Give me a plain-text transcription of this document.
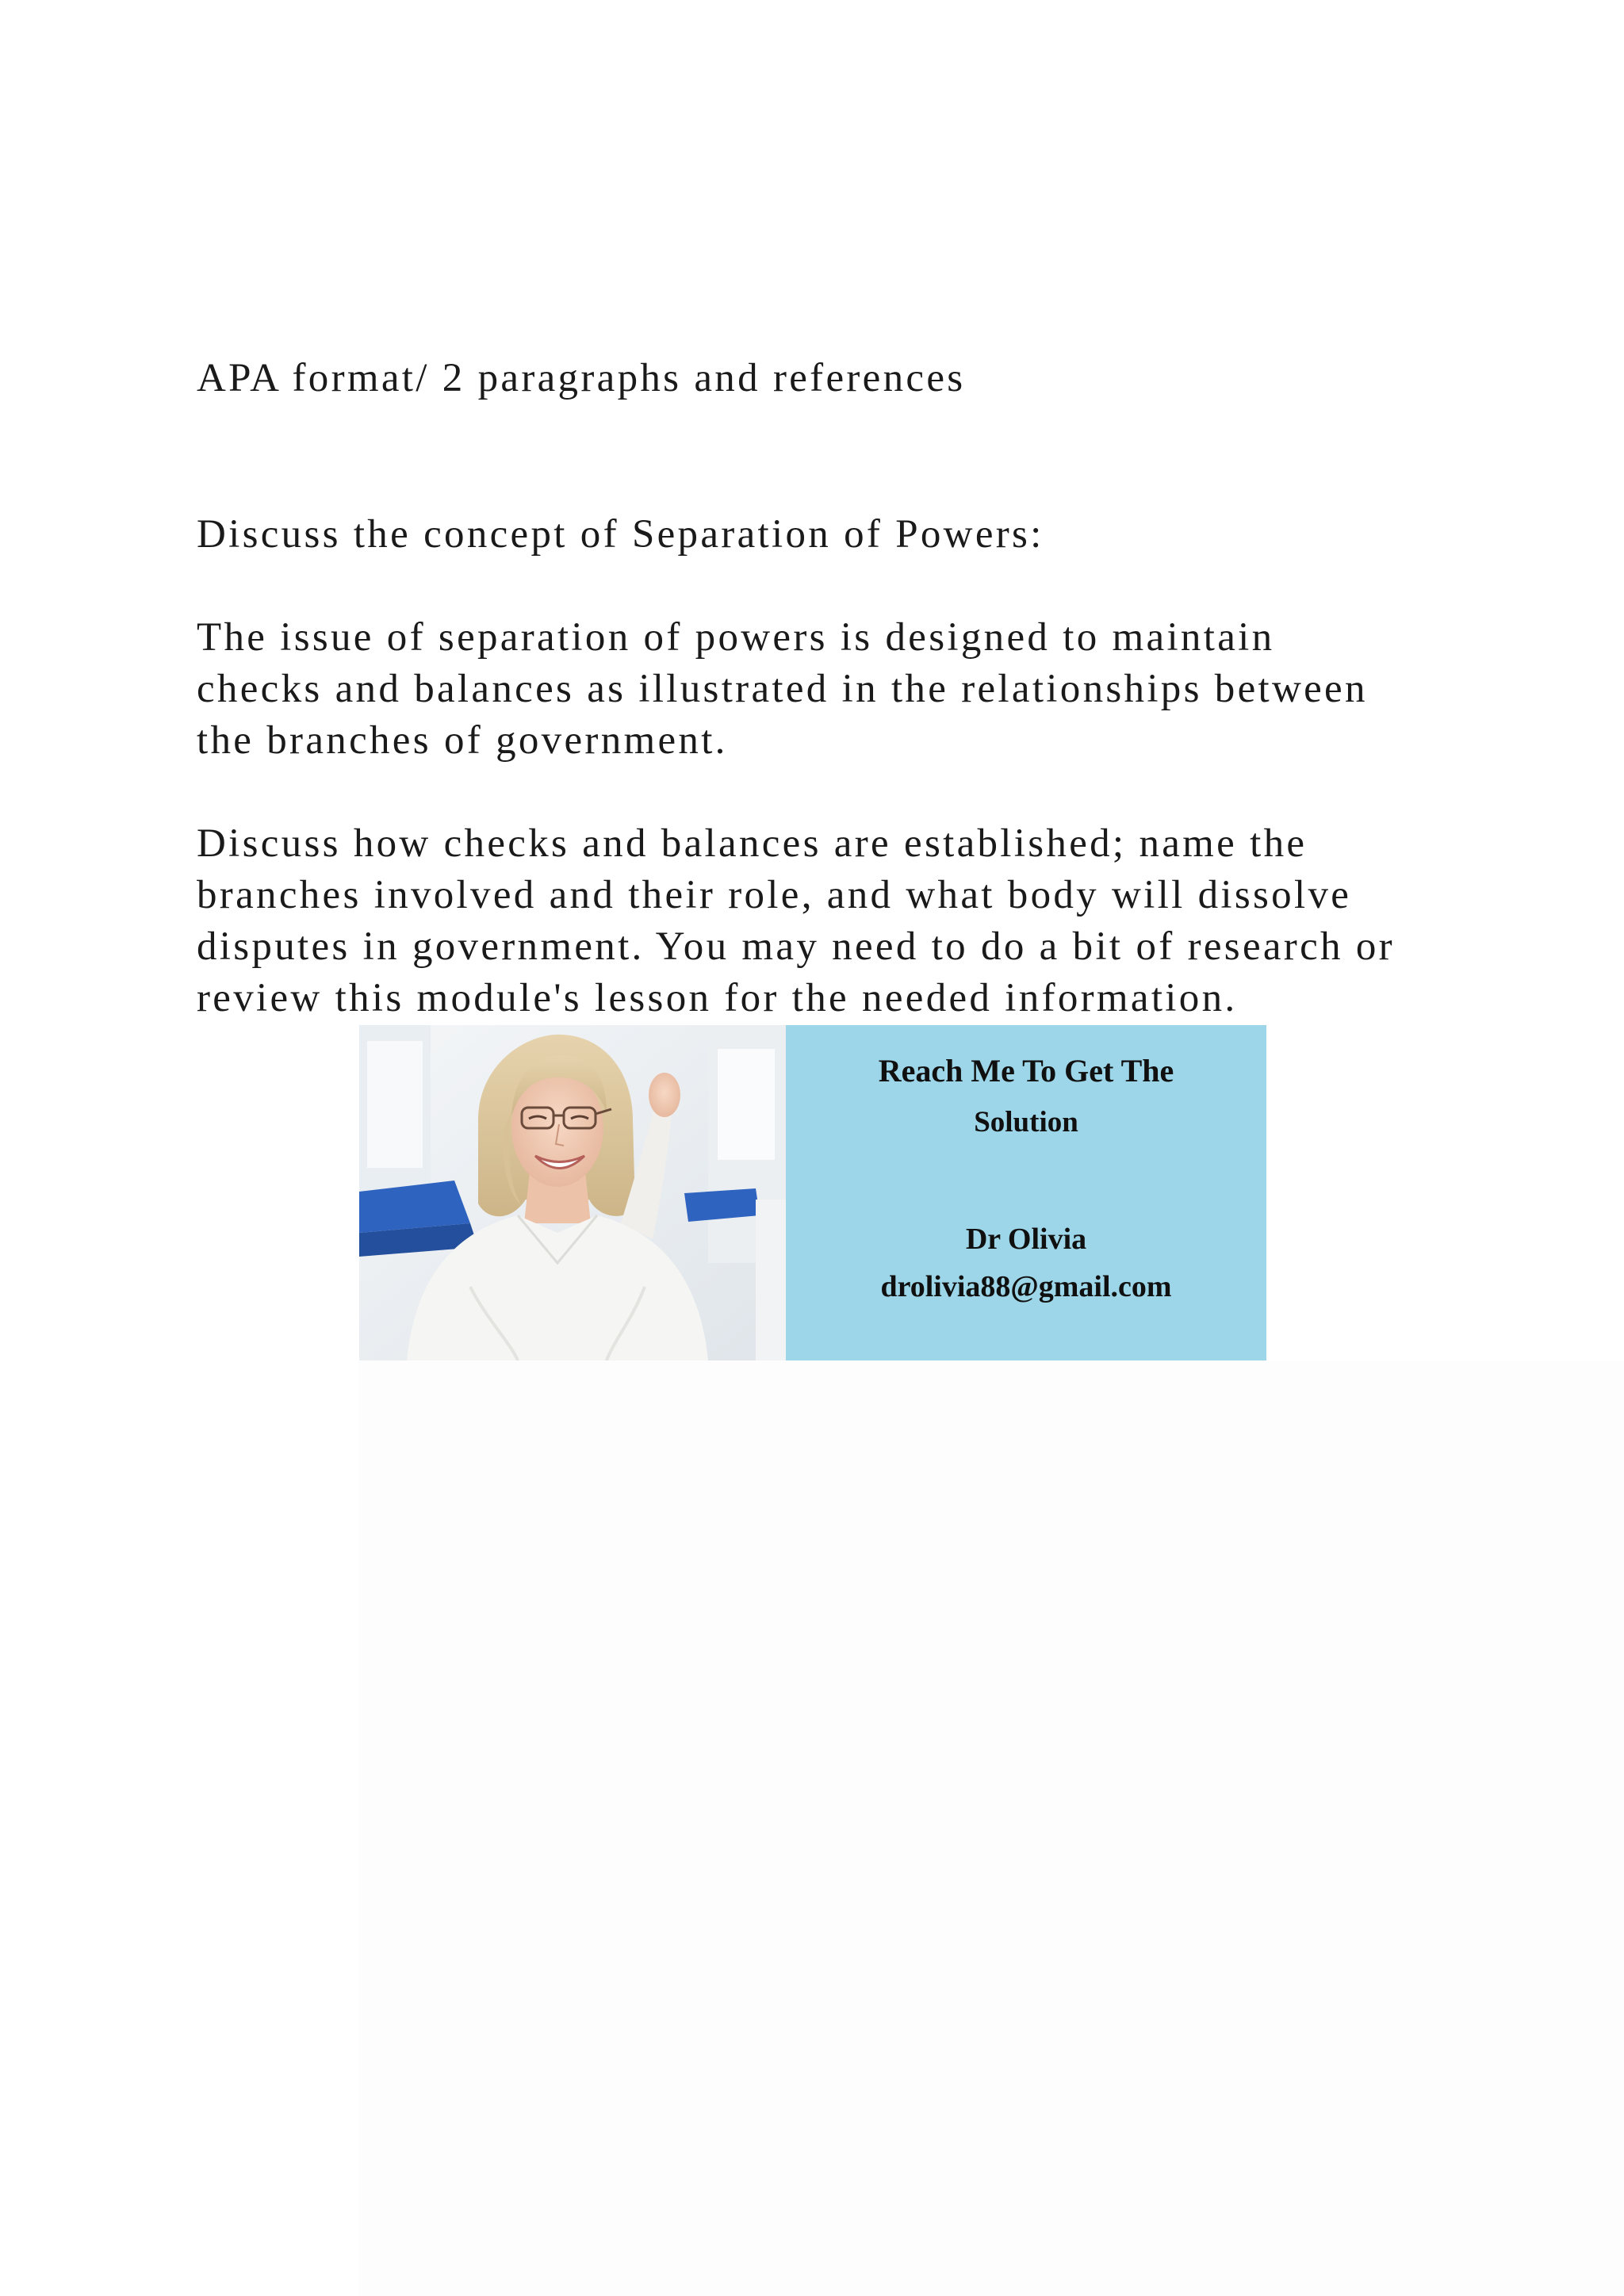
APA format/ 2 paragraphs and references
Discuss the concept of Separation of Powers:
The issue of separation of powers is designed to maintain
checks and balances as illustrated in the relationships between
the branches of government.
Discuss how checks and balances are established; name the
branches involved and their role, and what body will dissolve
disputes in government. You may need to do a bit of research or
review this module's lesson for the needed information.
Reach Me To Get The
Solution
Dr Olivia
drolivia88@gmail.com
